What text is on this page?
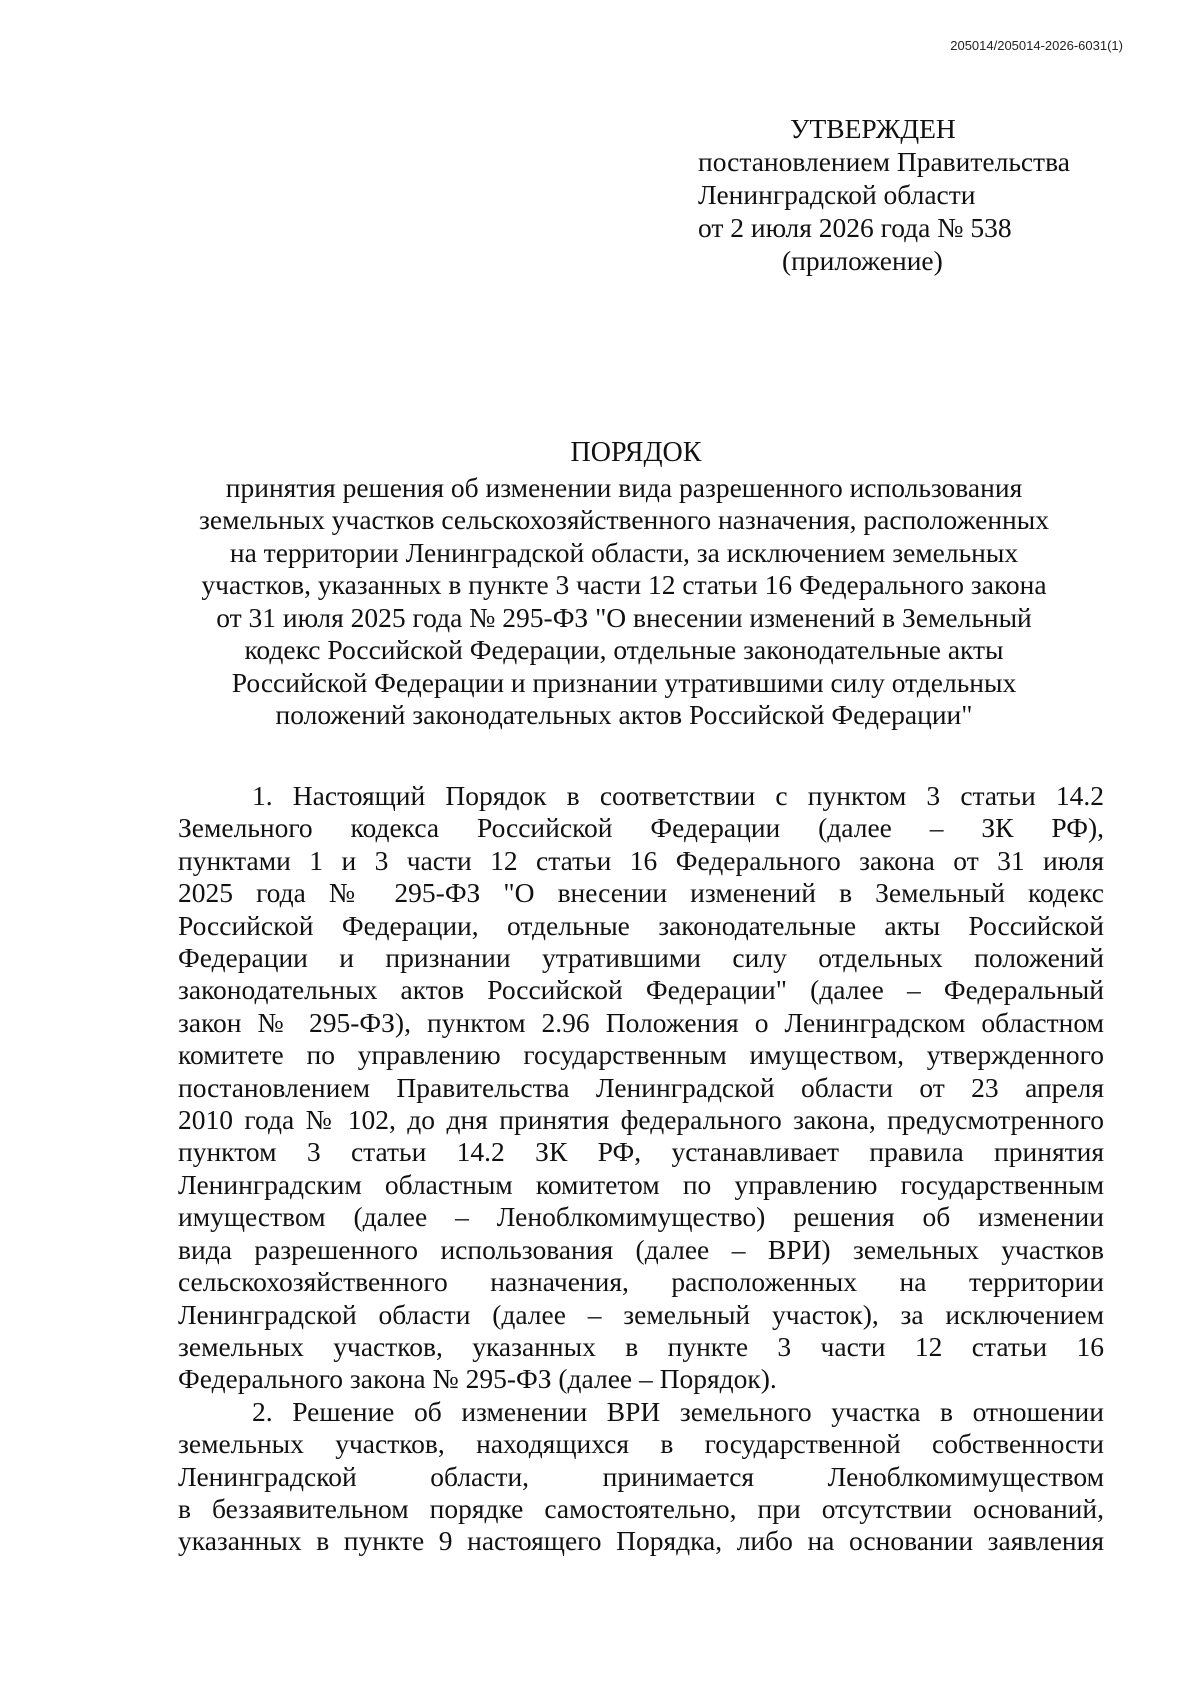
205014/205014-2026-6031(1)
УТВЕРЖДЕН
постановлением Правительства
Ленинградской области
от 2 июля 2026 года № 538
(приложение)
ПОРЯДОК
принятия решения об изменении вида разрешенного использования
земельных участков сельскохозяйственного назначения, расположенных
на территории Ленинградской области, за исключением земельных
участков, указанных в пункте 3 части 12 статьи 16 Федерального закона
от 31 июля 2025 года № 295-ФЗ "О внесении изменений в Земельный
кодекс Российской Федерации, отдельные законодательные акты
Российской Федерации и признании утратившими силу отдельных
положений законодательных актов Российской Федерации"
1. Настоящий Порядок в соответствии с пунктом 3 статьи 14.2
Земельного кодекса Российской Федерации (далее – ЗК РФ),
пунктами 1 и 3 части 12 статьи 16 Федерального закона от 31 июля
2025 года № 295-ФЗ "О внесении изменений в Земельный кодекс
Российской Федерации, отдельные законодательные акты Российской
Федерации и признании утратившими силу отдельных положений
законодательных актов Российской Федерации" (далее – Федеральный
закон № 295-ФЗ), пунктом 2.96 Положения о Ленинградском областном
комитете по управлению государственным имуществом, утвержденного
постановлением Правительства Ленинградской области от 23 апреля
2010 года № 102, до дня принятия федерального закона, предусмотренного
пунктом 3 статьи 14.2 ЗК РФ, устанавливает правила принятия
Ленинградским областным комитетом по управлению государственным
имуществом (далее – Леноблкомимущество) решения об изменении
вида разрешенного использования (далее – ВРИ) земельных участков
сельскохозяйственного назначения, расположенных на территории
Ленинградской области (далее – земельный участок), за исключением
земельных участков, указанных в пункте 3 части 12 статьи 16
Федерального закона № 295-ФЗ (далее – Порядок).
2. Решение об изменении ВРИ земельного участка в отношении
земельных участков, находящихся в государственной собственности
Ленинградской области, принимается Леноблкомимуществом
в беззаявительном порядке самостоятельно, при отсутствии оснований,
указанных в пункте 9 настоящего Порядка, либо на основании заявления
